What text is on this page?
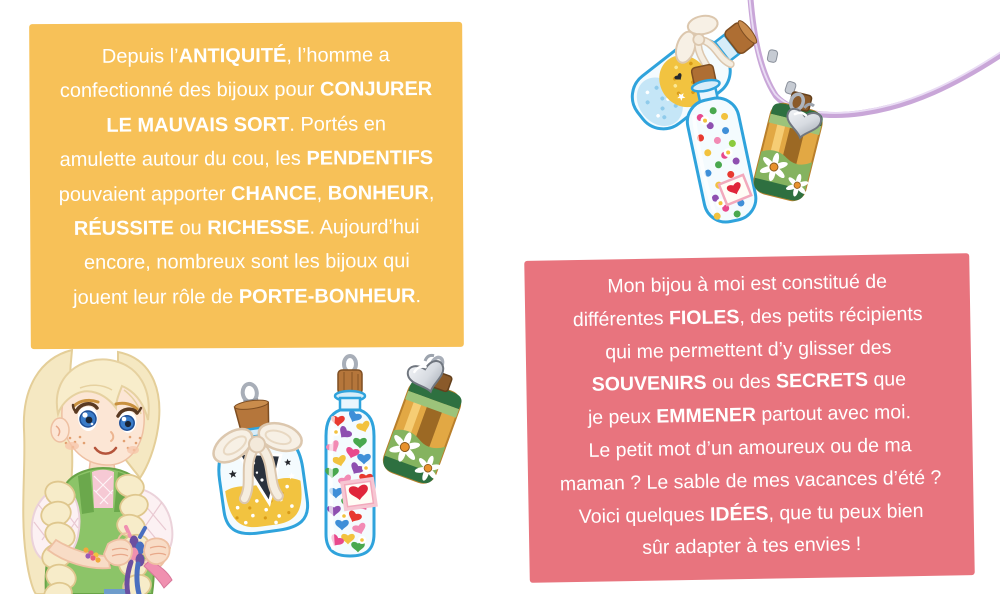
Depuis l’ANTIQUITÉ, l’homme a
confectionné des bijoux pour CONJURER
LE MAUVAIS SORT. Portés en
amulette autour du cou, les PENDENTIFS
pouvaient apporter CHANCE, BONHEUR,
RÉUSSITE ou RICHESSE. Aujourd’hui
encore, nombreux sont les bijoux qui
jouent leur rôle de PORTE-BONHEUR.	Mon bijou à moi est constitué de
différentes FIOLES, des petits récipients
qui me permettent d’y glisser des
SOUVENIRS ou des SECRETS que
je peux EMMENER partout avec moi.
Le petit mot d’un amoureux ou de ma
maman ? Le sable de mes vacances d’été ?
Voici quelques IDÉES, que tu peux bien
sûr adapter à tes envies !
